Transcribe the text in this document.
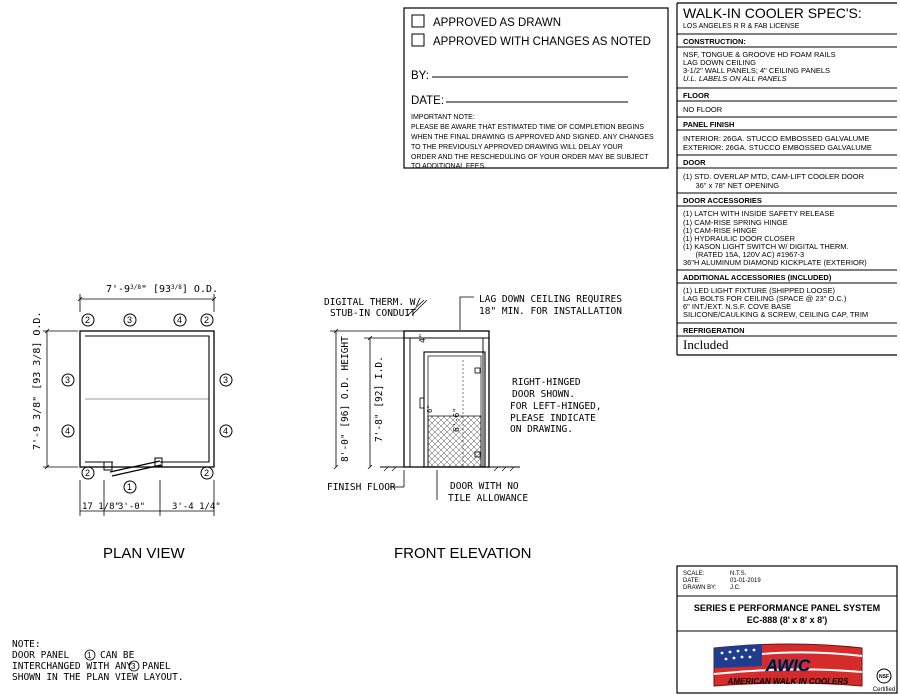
APPROVED AS DRAWN
APPROVED WITH CHANGES AS NOTED
BY:
DATE:
IMPORTANT NOTE:
PLEASE BE AWARE THAT ESTIMATED TIME OF COMPLETION BEGINS
WHEN THE FINAL DRAWING IS APPROVED AND SIGNED. ANY CHANGES
TO THE PREVIOUSLY APPROVED DRAWING WILL DELAY YOUR
ORDER AND THE RESCHEDULING OF YOUR ORDER MAY BE SUBJECT
TO ADDITIONAL FEES.
WALK-IN COOLER SPEC'S:
LOS ANGELES R R & FAB LICENSE
CONSTRUCTION:
NSF, TONGUE & GROOVE HD FOAM RAILS
LAG DOWN CEILING
3-1/2" WALL PANELS; 4" CEILING PANELS
U.L. LABELS ON ALL PANELS
FLOOR
NO FLOOR
PANEL FINISH
INTERIOR: 26GA. STUCCO EMBOSSED GALVALUME
EXTERIOR: 26GA. STUCCO EMBOSSED GALVALUME
DOOR
(1) STD. OVERLAP MTD, CAM-LIFT COOLER DOOR
36" x 78" NET OPENING
DOOR ACCESSORIES
(1) LATCH WITH INSIDE SAFETY RELEASE
(1) CAM-RISE SPRING HINGE
(1) CAM-RISE HINGE
(1) HYDRAULIC DOOR CLOSER
(1) KASON LIGHT SWITCH W/ DIGITAL THERM.
(RATED 15A, 120V AC) #1967-3
36"H ALUMINUM DIAMOND KICKPLATE (EXTERIOR)
ADDITIONAL ACCESSORIES (INCLUDED)
(1) LED LIGHT FIXTURE (SHIPPED LOOSE)
LAG BOLTS FOR CEILING (SPACE @ 23" O.C.)
6" INT./EXT. N.S.F. COVE BASE
SILICONE/CAULKING & SCREW, CEILING CAP, TRIM
REFRIGERATION
Included
$7'-9^{3/8}$" $[93^{3/8}]$ O.D.
7'-9 3/8" [93 3/8] O.D.
17 1/8"
3'-0"	3'-4 1/4"
2	3	4 2
3	3
4	4
2	2
1
PLAN VIEW
8'-0" [96] O.D. HEIGHT 7'-8" [92] I.D.
DIGITAL THERM. W/
STUB-IN CONDUIT
LAG DOWN CEILING REQUIRES
18" MIN. FOR INSTALLATION
4"
6'-6"
6"
RIGHT-HINGED
DOOR SHOWN.
FOR LEFT-HINGED,
PLEASE INDICATE
ON DRAWING.
FINISH FLOOR	DOOR WITH NO
TILE ALLOWANCE
FRONT ELEVATION
SCALE:	N.T.S.
DATE:	01-01-2019
DRAWN BY: J.C.
SERIES E PERFORMANCE PANEL SYSTEM
EC-888 (8' x 8' x 8')
AWIC
AMERICAN WALK IN COOLERS	NSF
Certified
NOTE:
DOOR PANEL 1 CAN BE
INTERCHANGED WITH ANY
3 PANEL
SHOWN IN THE PLAN VIEW LAYOUT.
